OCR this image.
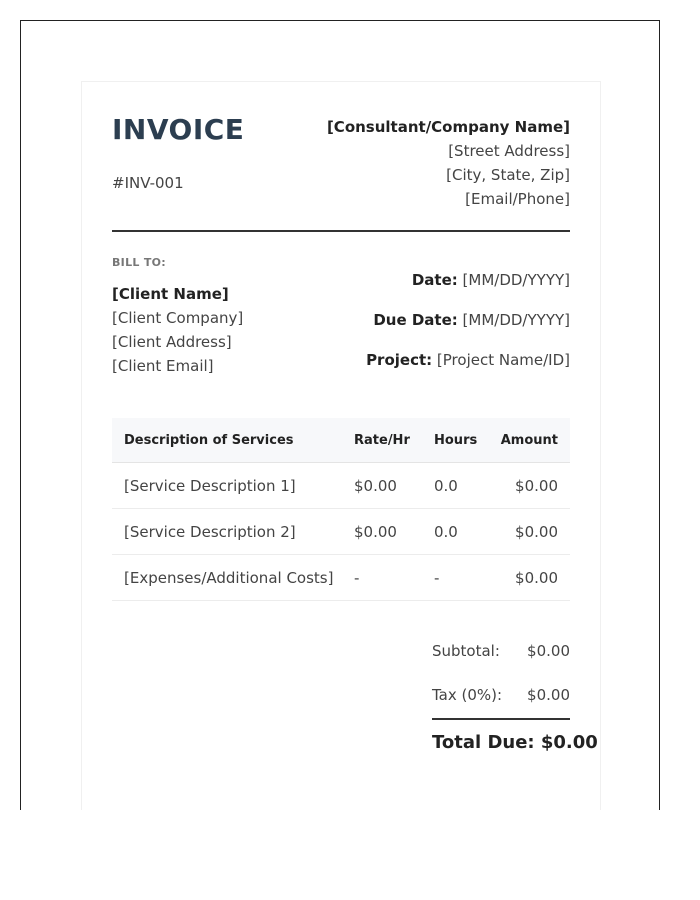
INVOICE
#INV-001
[Consultant/Company Name]
[Street Address]
[City, State, Zip]
[Email/Phone]
BILL TO:
[Client Name]
[Client Company]
[Client Address]
[Client Email]
Date: [MM/DD/YYYY]
Due Date: [MM/DD/YYYY]
Project: [Project Name/ID]
Description of Services	Rate/Hr Hours Amount
[Service Description 1]	$0.00 0.0	$0.00
[Service Description 2]	$0.00 0.0	$0.00
[Expenses/Additional Costs] -	-	$0.00
Subtotal: $0.00
Tax (0%): $0.00
Total Due: $0.00
